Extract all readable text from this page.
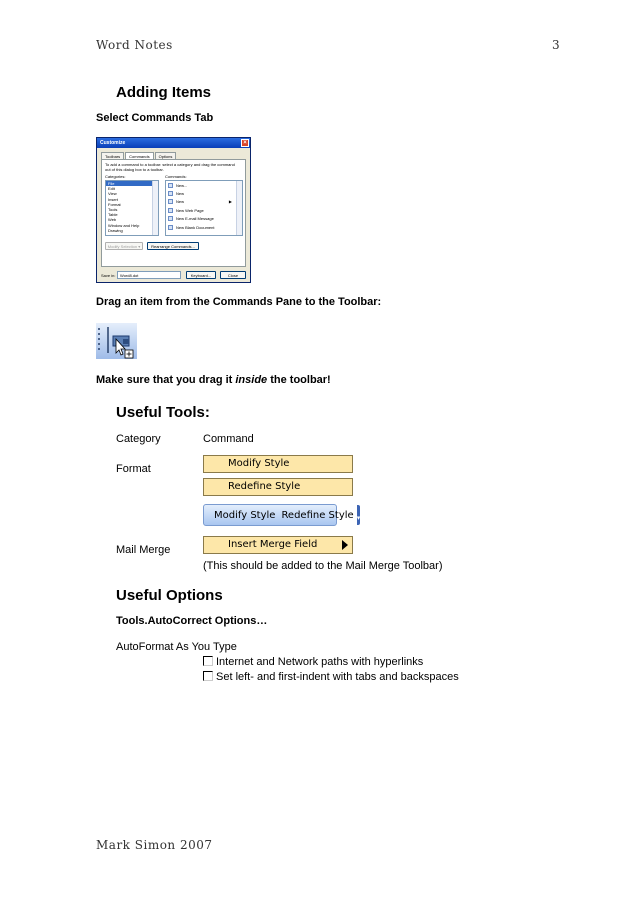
Word Notes	3
Adding Items
Select Commands Tab
Customize	×
Toolbars	Commands	Options
To add a command to a toolbar: select a category and drag the command out of this dialog box to a toolbar.
Categories:	Commands:
File
Edit
View
Insert
Format
Tools
Table
Web
Window and Help
Drawing
New...
New
New	▶
New Web Page
New E-mail Message
New Blank Document
Modify Selection ▾	Rearrange Commands...
Save in:	Word8.dot	Keyboard...	Close
Drag an item from the Commands Pane to the Toolbar:
Make sure that you drag it inside the toolbar!
Useful Tools:
Category	Command
Format	Modify Style
Redefine Style
Modify Style Redefine Style ▾
Mail Merge	Insert Merge Field
(This should be added to the Mail Merge Toolbar)
Useful Options
Tools.AutoCorrect Options…
AutoFormat As You Type
Internet and Network paths with hyperlinks
Set left- and first-indent with tabs and backspaces
Mark Simon 2007
